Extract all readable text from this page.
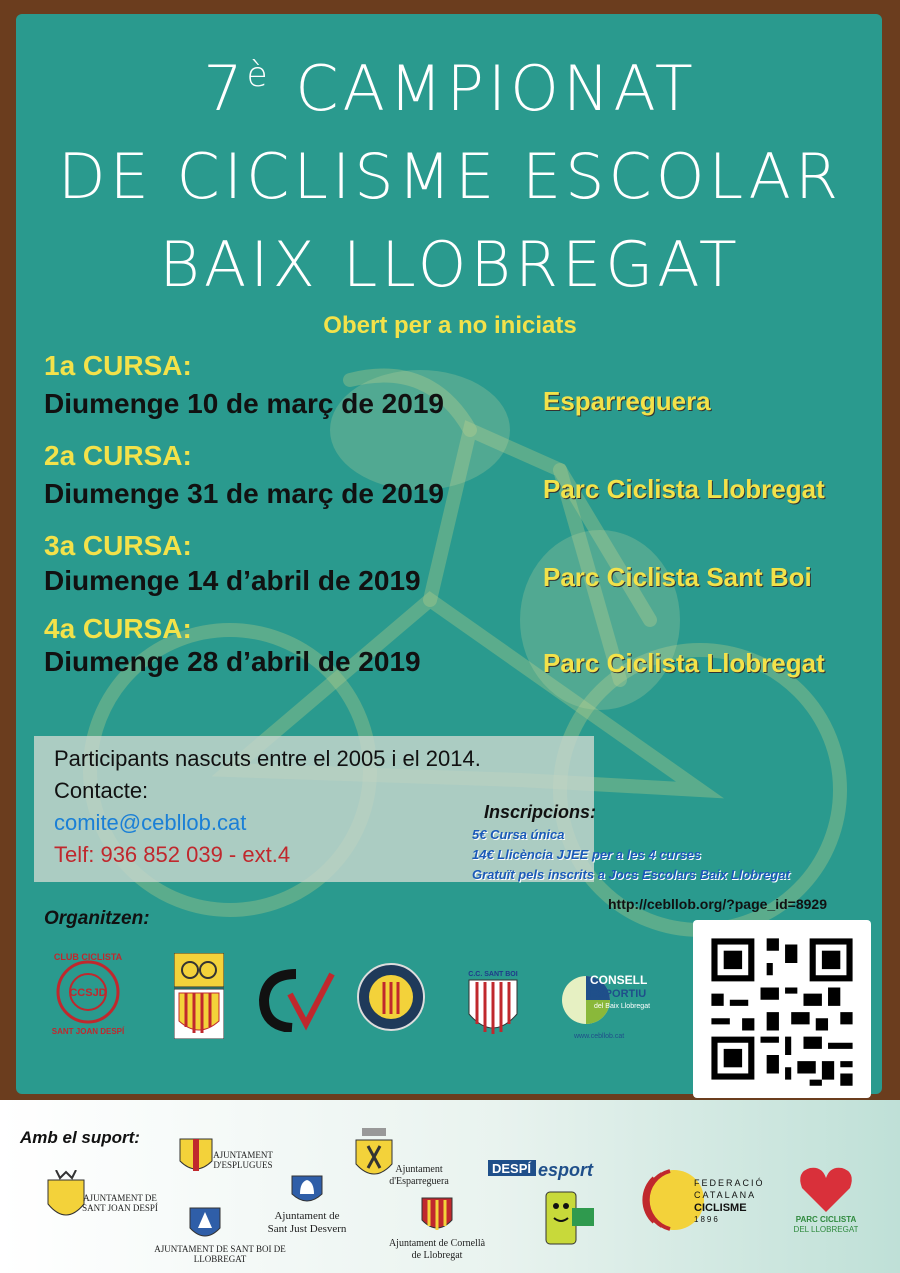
$7^è$ CAMPIONAT
DE CICLISME ESCOLAR
BAIX LLOBREGAT
Obert per a no iniciats
1a CURSA:
Diumenge 10 de març de 2019	Esparreguera
2a CURSA:
Diumenge 31 de març de 2019	Parc Ciclista Llobregat
3a CURSA:
Diumenge 14 d’abril de 2019	Parc Ciclista Sant Boi
4a CURSA:
Diumenge 28 d’abril de 2019	Parc Ciclista Llobregat
Participants nascuts entre el 2005 i el 2014.
Contacte:
comite@cebllob.cat
Telf: 936 852 039 - ext.4
Inscripcions:
5€ Cursa única
14€ Llicència JJEE per a les 4 curses
Gratuït pels inscrits a Jocs Escolars Baix Llobregat
http://cebllob.org/?page_id=8929
Organitzen:
CLUB CICLISTA
CCSJD
SANT JOAN DESPÍ
C.C. SANT BOI	CONSELL
ESPORTIU
del Baix Llobregat
www.cebllob.cat
Amb el suport:
AJUNTAMENT DE
SANT JOAN DESPÍ
AJUNTAMENT
D'ESPLUGUES
AJUNTAMENT DE SANT BOI DE LLOBREGAT
Ajuntament de
Sant Just Desvern
Ajuntament
d'Esparreguera
Ajuntament de Cornellà
de Llobregat
DESPÍ esport
FEDERACIÓ
CATALANA
CICLISME
1896	PARC CICLISTA
DEL LLOBREGAT
